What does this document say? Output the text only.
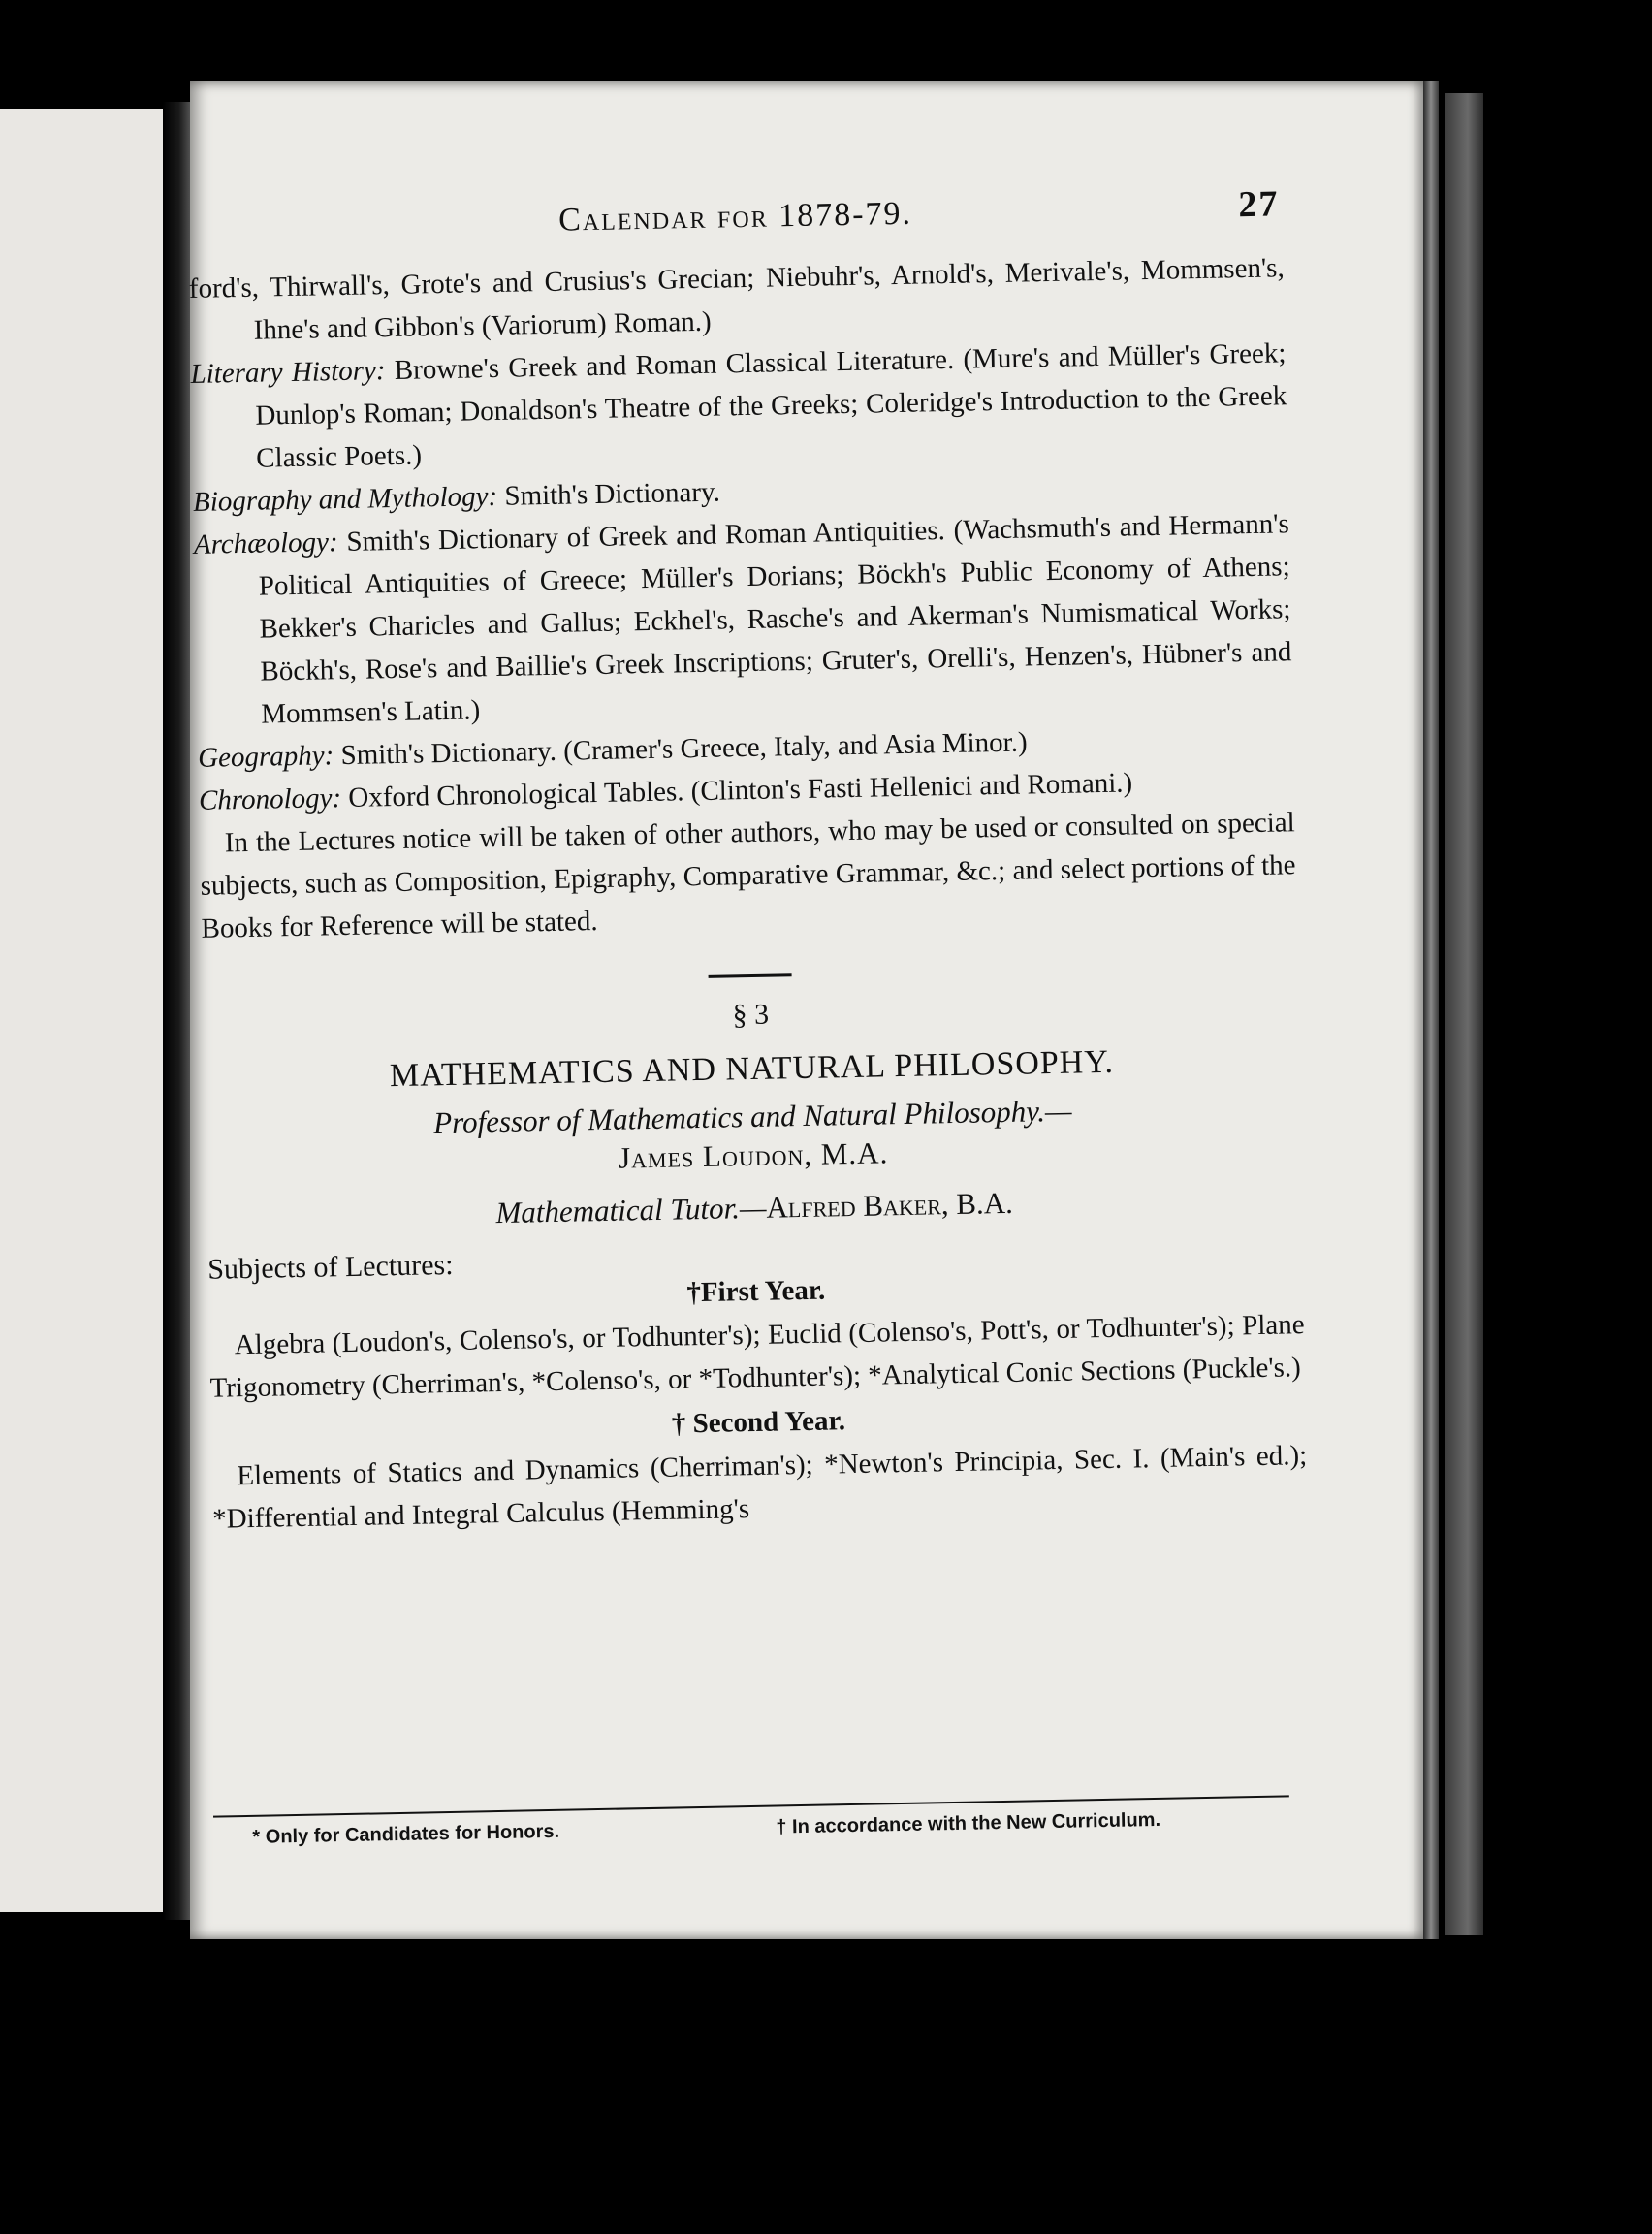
Calendar for 1878-79.	27

ford's, Thirwall's, Grote's and Crusius's Grecian; Niebuhr's, Arnold's, Merivale's, Mommsen's, Ihne's and Gibbon's (Variorum) Roman.)

Literary History: Browne's Greek and Roman Classical Literature. (Mure's and Müller's Greek; Dunlop's Roman; Donaldson's Theatre of the Greeks; Coleridge's Introduction to the Greek Classic Poets.)

Biography and Mythology: Smith's Dictionary.

Archæology: Smith's Dictionary of Greek and Roman Antiquities. (Wachsmuth's and Hermann's Political Antiquities of Greece; Müller's Dorians; Böckh's Public Economy of Athens; Bekker's Charicles and Gallus; Eckhel's, Rasche's and Akerman's Numismatical Works; Böckh's, Rose's and Baillie's Greek Inscriptions; Gruter's, Orelli's, Henzen's, Hübner's and Mommsen's Latin.)

Geography: Smith's Dictionary. (Cramer's Greece, Italy, and Asia Minor.)

Chronology: Oxford Chronological Tables. (Clinton's Fasti Hellenici and Romani.)

In the Lectures notice will be taken of other authors, who may be used or consulted on special subjects, such as Composition, Epigraphy, Comparative Grammar, &c.; and select portions of the Books for Reference will be stated.

§ 3

MATHEMATICS AND NATURAL PHILOSOPHY.

Professor of Mathematics and Natural Philosophy.—

James Loudon, M.A.

Mathematical Tutor.—Alfred Baker, B.A.

Subjects of Lectures:

†First Year.

Algebra (Loudon's, Colenso's, or Todhunter's); Euclid (Colenso's, Pott's, or Todhunter's); Plane Trigonometry (Cherriman's, *Colenso's, or *Todhunter's); *Analytical Conic Sections (Puckle's.)

† Second Year.

Elements of Statics and Dynamics (Cherriman's); *Newton's Principia, Sec. I. (Main's ed.); *Differential and Integral Calculus (Hemming's

* Only for Candidates for Honors.	† In accordance with the New Curriculum.
